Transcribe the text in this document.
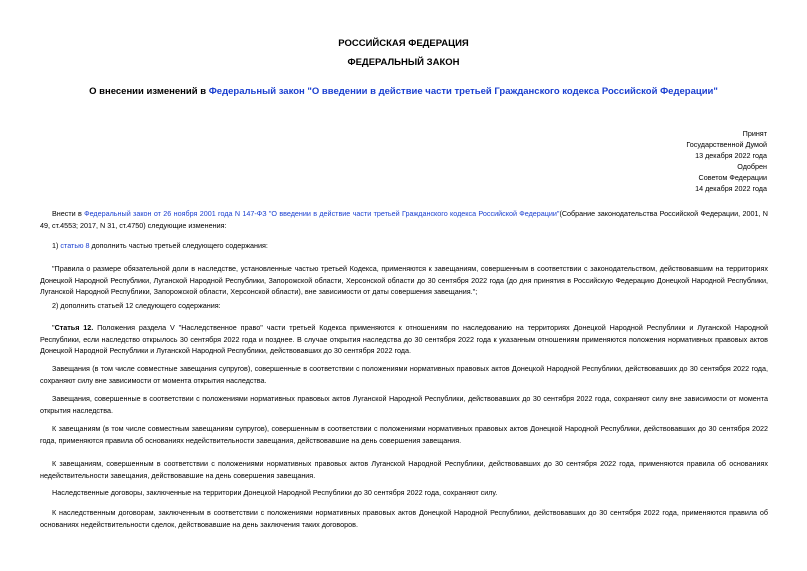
РОССИЙСКАЯ ФЕДЕРАЦИЯ
ФЕДЕРАЛЬНЫЙ ЗАКОН
О внесении изменений в Федеральный закон "О введении в действие части третьей Гражданского кодекса Российской Федерации"
Принят
Государственной Думой
13 декабря 2022 года
Одобрен
Советом Федерации
14 декабря 2022 года
Внести в Федеральный закон от 26 ноября 2001 года N 147-ФЗ "О введении в действие части третьей Гражданского кодекса Российской Федерации"(Собрание законодательства Российской Федерации, 2001, N 49, ст.4553; 2017, N 31, ст.4750) следующие изменения:
1) статью 8 дополнить частью третьей следующего содержания:
"Правила о размере обязательной доли в наследстве, установленные частью третьей Кодекса, применяются к завещаниям, совершенным в соответствии с законодательством, действовавшим на территориях Донецкой Народной Республики, Луганской Народной Республики, Запорожской области, Херсонской области до 30 сентября 2022 года (до дня принятия в Российскую Федерацию Донецкой Народной Республики, Луганской Народной Республики, Запорожской области, Херсонской области), вне зависимости от даты совершения завещания.";
2) дополнить статьей 12 следующего содержания:
"Статья 12. Положения раздела V "Наследственное право" части третьей Кодекса применяются к отношениям по наследованию на территориях Донецкой Народной Республики и Луганской Народной Республики, если наследство открылось 30 сентября 2022 года и позднее. В случае открытия наследства до 30 сентября 2022 года к указанным отношениям применяются положения нормативных правовых актов Донецкой Народной Республики и Луганской Народной Республики, действовавших до 30 сентября 2022 года.
Завещания (в том числе совместные завещания супругов), совершенные в соответствии с положениями нормативных правовых актов Донецкой Народной Республики, действовавших до 30 сентября 2022 года, сохраняют силу вне зависимости от момента открытия наследства.
Завещания, совершенные в соответствии с положениями нормативных правовых актов Луганской Народной Республики, действовавших до 30 сентября 2022 года, сохраняют силу вне зависимости от момента открытия наследства.
К завещаниям (в том числе совместным завещаниям супругов), совершенным в соответствии с положениями нормативных правовых актов Донецкой Народной Республики, действовавших до 30 сентября 2022 года, применяются правила об основаниях недействительности завещания, действовавшие на день совершения завещания.
К завещаниям, совершенным в соответствии с положениями нормативных правовых актов Луганской Народной Республики, действовавших до 30 сентября 2022 года, применяются правила об основаниях недействительности завещания, действовавшие на день совершения завещания.
Наследственные договоры, заключенные на территории Донецкой Народной Республики до 30 сентября 2022 года, сохраняют силу.
К наследственным договорам, заключенным в соответствии с положениями нормативных правовых актов Донецкой Народной Республики, действовавших до 30 сентября 2022 года, применяются правила об основаниях недействительности сделок, действовавшие на день заключения таких договоров.
